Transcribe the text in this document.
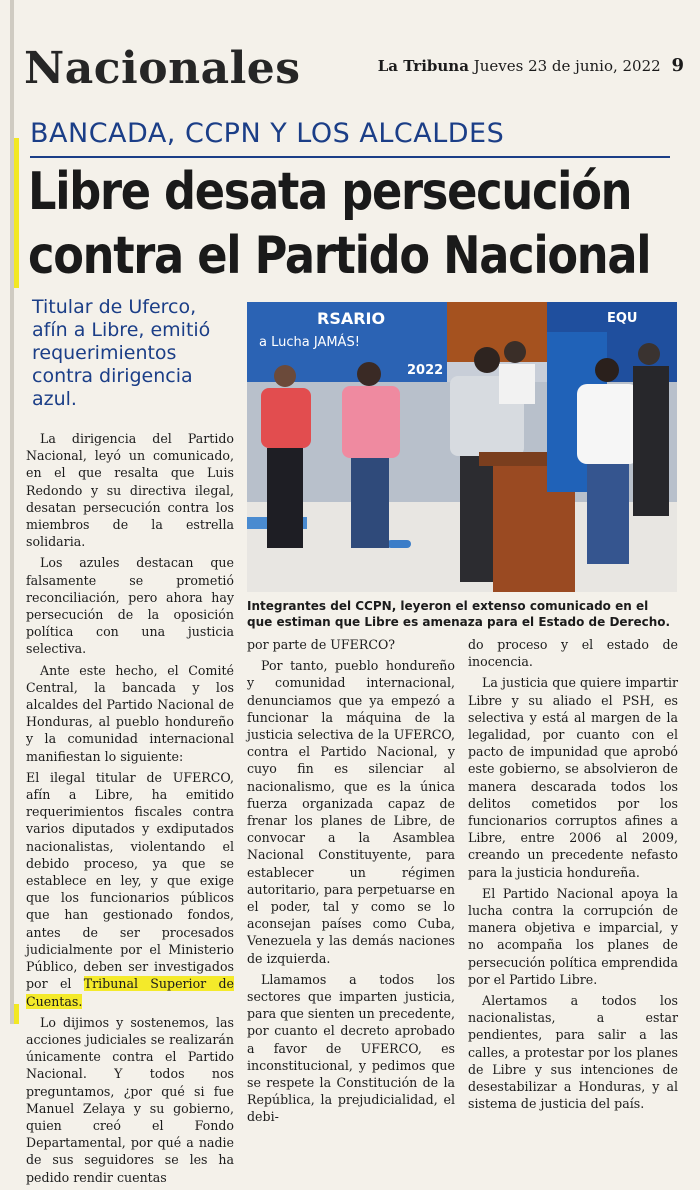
Nacionales	La Tribuna Jueves 23 de junio, 2022 9
BANCADA, CCPN Y LOS ALCALDES
Libre desata persecución
contra el Partido Nacional
Titular de Uferco, afín a Libre, emitió requerimientos contra dirigencia azul.
RSARIO
a Lucha JAMÁS!
2022
EQU
Integrantes del CCPN, leyeron el extenso comunicado en el que estiman que Libre es amenaza para el Estado de Derecho.

La dirigencia del Partido Nacional, leyó un comunicado, en el que resalta que Luis Redondo y su directiva ilegal, desatan persecución contra los miembros de la estrella solidaria.

Los azules destacan que falsamente se prometió reconciliación, pero ahora hay persecución de la oposición política con una justicia selectiva.

Ante este hecho, el Comité Central, la bancada y los alcaldes del Partido Nacional de Honduras, al pueblo hondureño y la comunidad internacional manifiestan lo siguiente:

El ilegal titular de UFERCO, afín a Libre, ha emitido requerimientos fiscales contra varios diputados y exdiputados nacionalistas, violentando el debido proceso, ya que se establece en ley, y que exige que los funcionarios públicos que han gestionado fondos, antes de ser procesados judicialmente por el Ministerio Público, deben ser investigados por el Tribunal Superior de Cuentas.

Lo dijimos y sostenemos, las acciones judiciales se realizarán únicamente contra el Partido Nacional. Y todos nos preguntamos, ¿por qué si fue Manuel Zelaya y su gobierno, quien creó el Fondo Departamental, por qué a nadie de sus seguidores se les ha pedido rendir cuentas

por parte de UFERCO?

Por tanto, pueblo hondureño y comunidad internacional, denunciamos que ya empezó a funcionar la máquina de la justicia selectiva de la UFERCO, contra el Partido Nacional, y cuyo fin es silenciar al nacionalismo, que es la única fuerza organizada capaz de frenar los planes de Libre, de convocar a la Asamblea Nacional Constituyente, para establecer un régimen autoritario, para perpetuarse en el poder, tal y como se lo aconsejan países como Cuba, Venezuela y las demás naciones de izquierda.

Llamamos a todos los sectores que imparten justicia, para que sienten un precedente, por cuanto el decreto aprobado a favor de UFERCO, es inconstitucional, y pedimos que se respete la Constitución de la República, la prejudicialidad, el debi-

do proceso y el estado de inocencia.

La justicia que quiere impartir Libre y su aliado el PSH, es selectiva y está al margen de la legalidad, por cuanto con el pacto de impunidad que aprobó este gobierno, se absolvieron de manera descarada todos los delitos cometidos por los funcionarios corruptos afines a Libre, entre 2006 al 2009, creando un precedente nefasto para la justicia hondureña.

El Partido Nacional apoya la lucha contra la corrupción de manera objetiva e imparcial, y no acompaña los planes de persecución política emprendida por el Partido Libre.

Alertamos a todos los nacionalistas, a estar pendientes, para salir a las calles, a protestar por los planes de Libre y sus intenciones de desestabilizar a Honduras, y al sistema de justicia del país.
